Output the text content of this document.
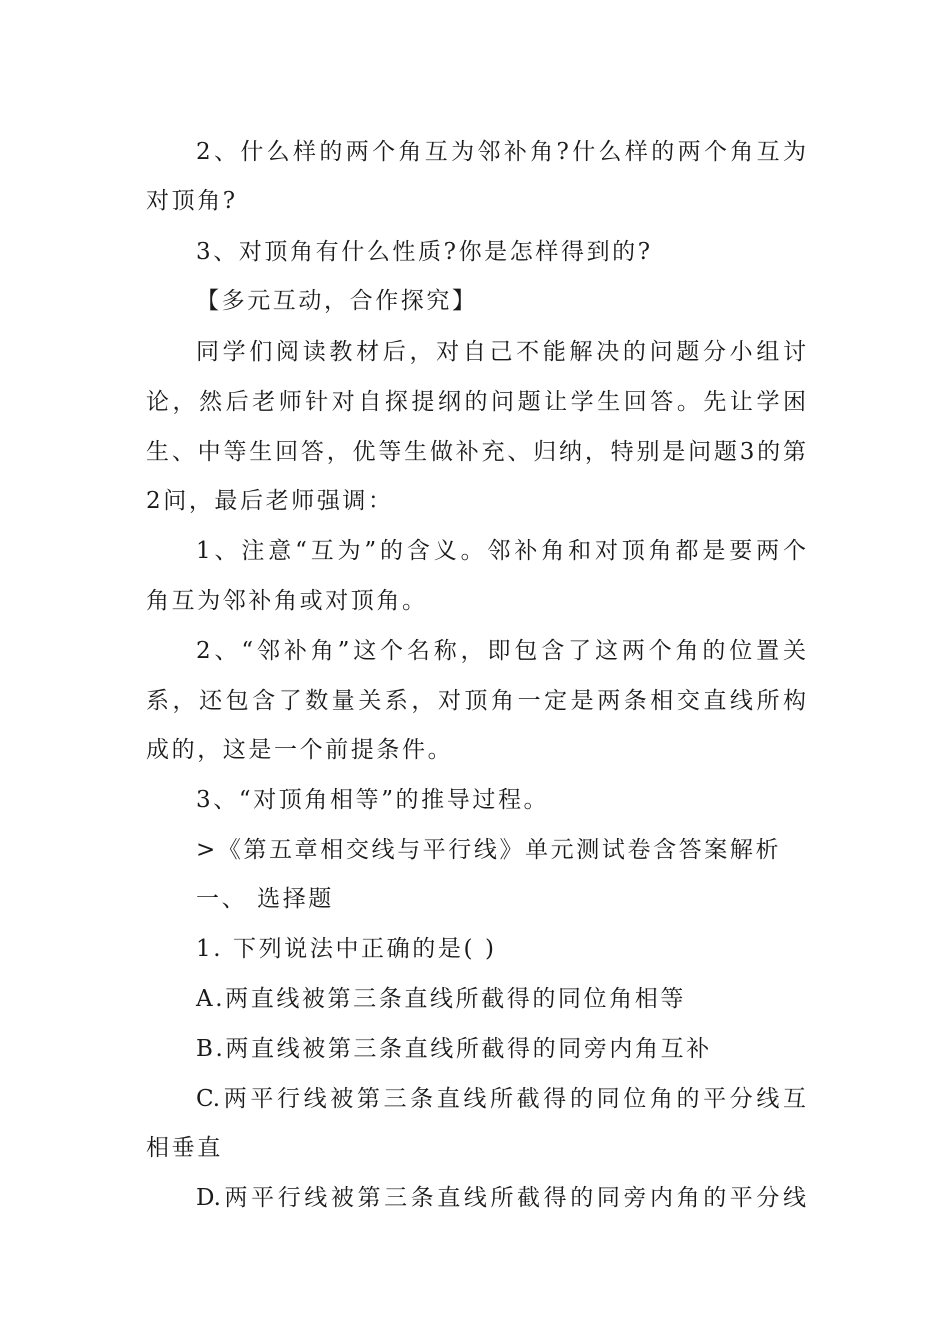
2、什么样的两个角互为邻补角?什么样的两个角互为
对顶角?
3、对顶角有什么性质?你是怎样得到的?
【多元互动，合作探究】
同学们阅读教材后，对自己不能解决的问题分小组讨
论，然后老师针对自探提纲的问题让学生回答。先让学困
生、中等生回答，优等生做补充、归纳，特别是问题3的第
2问，最后老师强调：
1、注意“互为”的含义。邻补角和对顶角都是要两个
角互为邻补角或对顶角。
2、“邻补角”这个名称，即包含了这两个角的位置关
系，还包含了数量关系，对顶角一定是两条相交直线所构
成的，这是一个前提条件。
3、“对顶角相等”的推导过程。
>《第五章相交线与平行线》单元测试卷含答案解析
一、 选择题
1. 下列说法中正确的是( )
A.两直线被第三条直线所截得的同位角相等
B.两直线被第三条直线所截得的同旁内角互补
C.两平行线被第三条直线所截得的同位角的平分线互
相垂直
D.两平行线被第三条直线所截得的同旁内角的平分线
